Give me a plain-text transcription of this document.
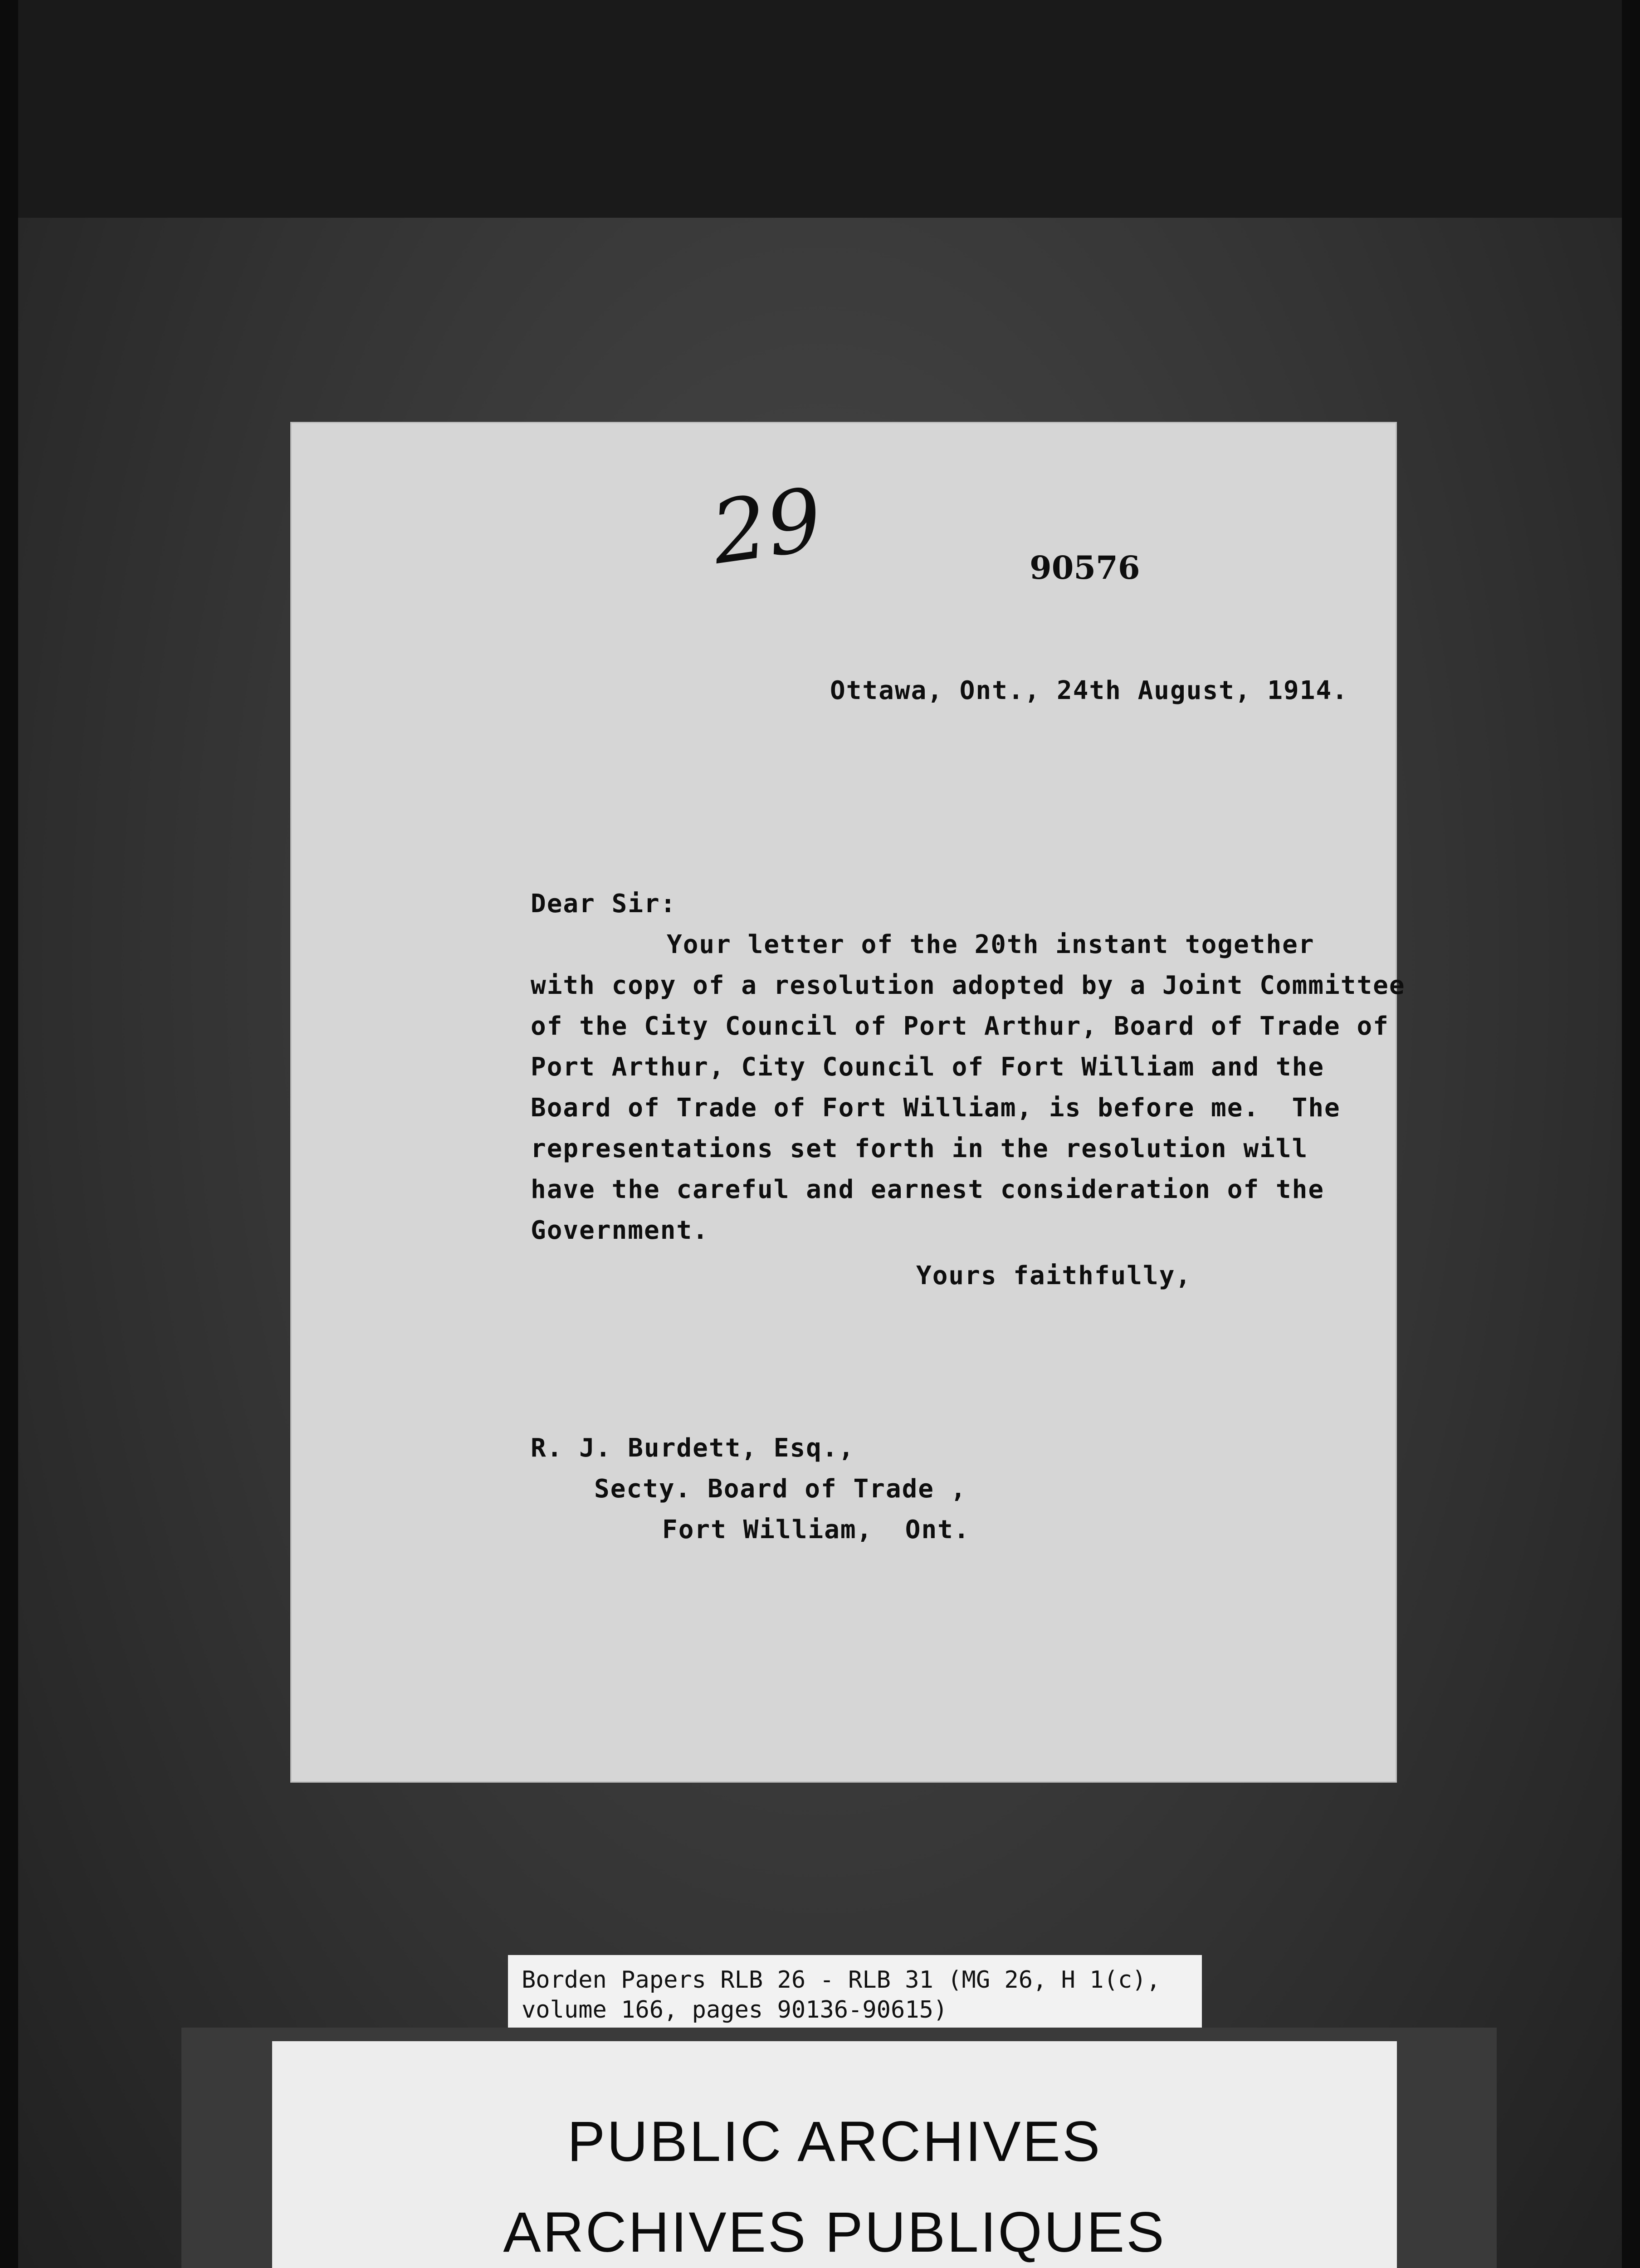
29	90576
Ottawa, Ont., 24th August, 1914.
Dear Sir:
Your letter of the 20th instant together
with copy of a resolution adopted by a Joint Committee
of the City Council of Port Arthur, Board of Trade of
Port Arthur, City Council of Fort William and the
Board of Trade of Fort William, is before me.  The
representations set forth in the resolution will
have the careful and earnest consideration of the
Government.
Yours faithfully,
R. J. Burdett, Esq.,
Secty. Board of Trade ,
Fort William,  Ont.
Borden Papers RLB 26 - RLB 31 (MG 26, H 1(c),
volume 166, pages 90136-90615)
PUBLIC ARCHIVES
ARCHIVES PUBLIQUES
